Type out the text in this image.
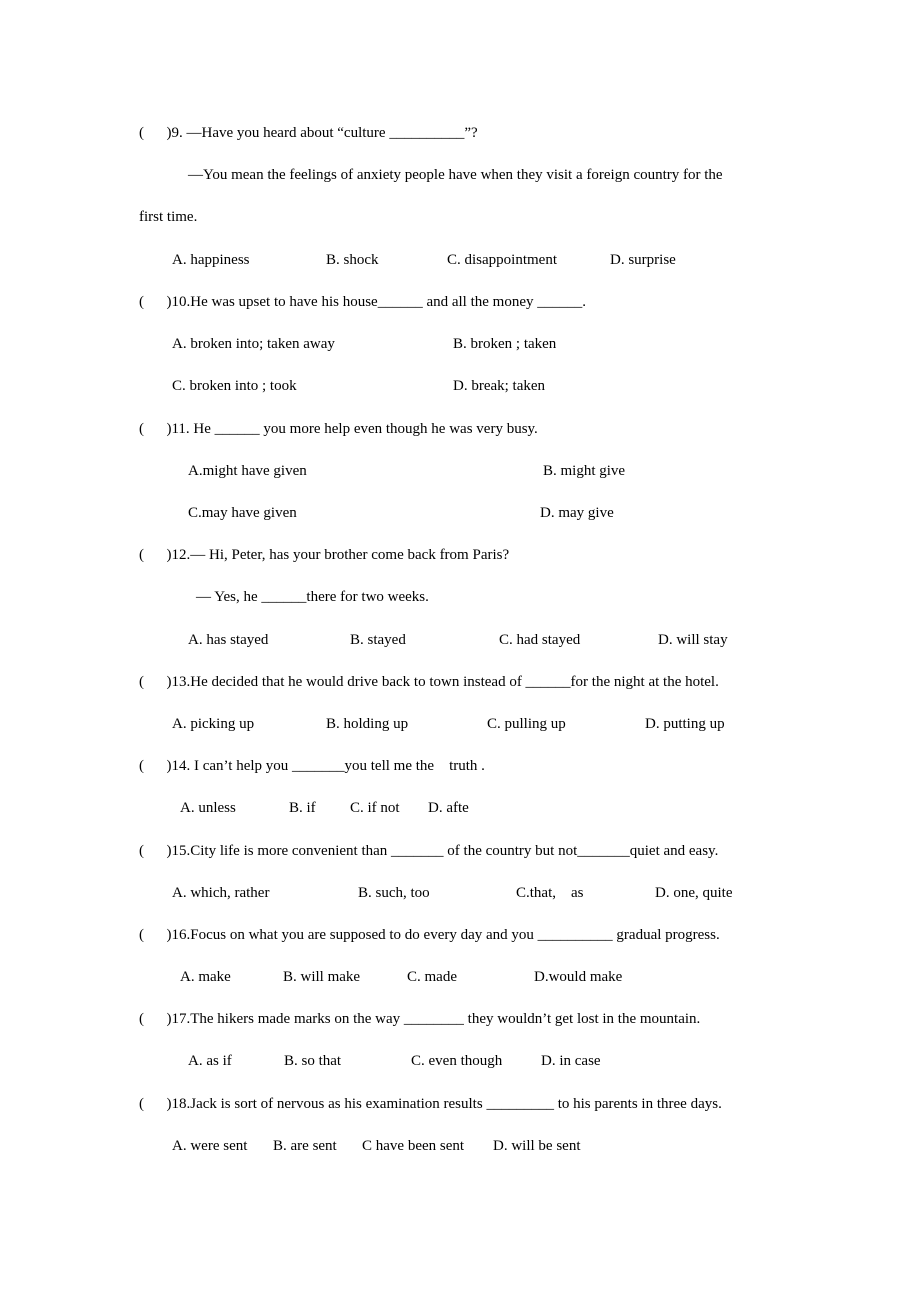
(      )9. —Have you heard about “culture __________”?
—You mean the feelings of anxiety people have when they visit a foreign country for the
first time.
A. happiness	B. shock	C. disappointment	D. surprise
(      )10.He was upset to have his house______ and all the money ______.
A. broken into; taken away	B. broken ; taken
C. broken into ; took	D. break; taken
(      )11. He ______ you more help even though he was very busy.
A.might have given	B. might give
C.may have given	D. may give
(      )12.— Hi, Peter, has your brother come back from Paris?
— Yes, he ______there for two weeks.
A. has stayed	B. stayed	C. had stayed	D. will stay
(      )13.He decided that he would drive back to town instead of ______for the night at the hotel.
A. picking up	B. holding up	C. pulling up	D. putting up
(      )14. I can’t help you _______you tell me the    truth .
A. unless	B. if C. if not D. afte
(      )15.City life is more convenient than _______ of the country but not_______quiet and easy.
A. which, rather	B. such, too	C.that,    as	D. one, quite
(      )16.Focus on what you are supposed to do every day and you __________ gradual progress.
A. make	B. will make	C. made	D.would make
(      )17.The hikers made marks on the way ________ they wouldn’t get lost in the mountain.
A. as if	B. so that	C. even though	D. in case
(      )18.Jack is sort of nervous as his examination results _________ to his parents in three days.
A. were sent B. are sent C have been sent D. will be sent
